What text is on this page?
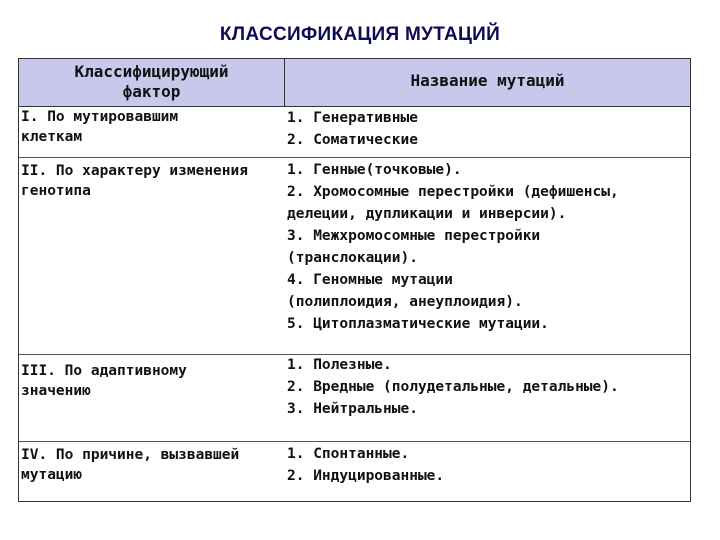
КЛАССИФИКАЦИЯ МУТАЦИЙ
Классифицирующий
фактор
Название мутаций
I. По мутировавшим
клеткам
1. Генеративные
2. Соматические
II. По характеру изменения
генотипа
1. Генные(точковые).
2. Хромосомные перестройки (дефишенсы,
делеции, дупликации и инверсии).
3. Межхромосомные перестройки
(транслокации).
4. Геномные мутации
(полиплоидия, анеуплоидия).
5. Цитоплазматические мутации.
III. По адаптивному
значению
1. Полезные.
2. Вредные (полудетальные, детальные).
3. Нейтральные.
IV. По причине, вызвавшей
мутацию
1. Спонтанные.
2. Индуцированные.
